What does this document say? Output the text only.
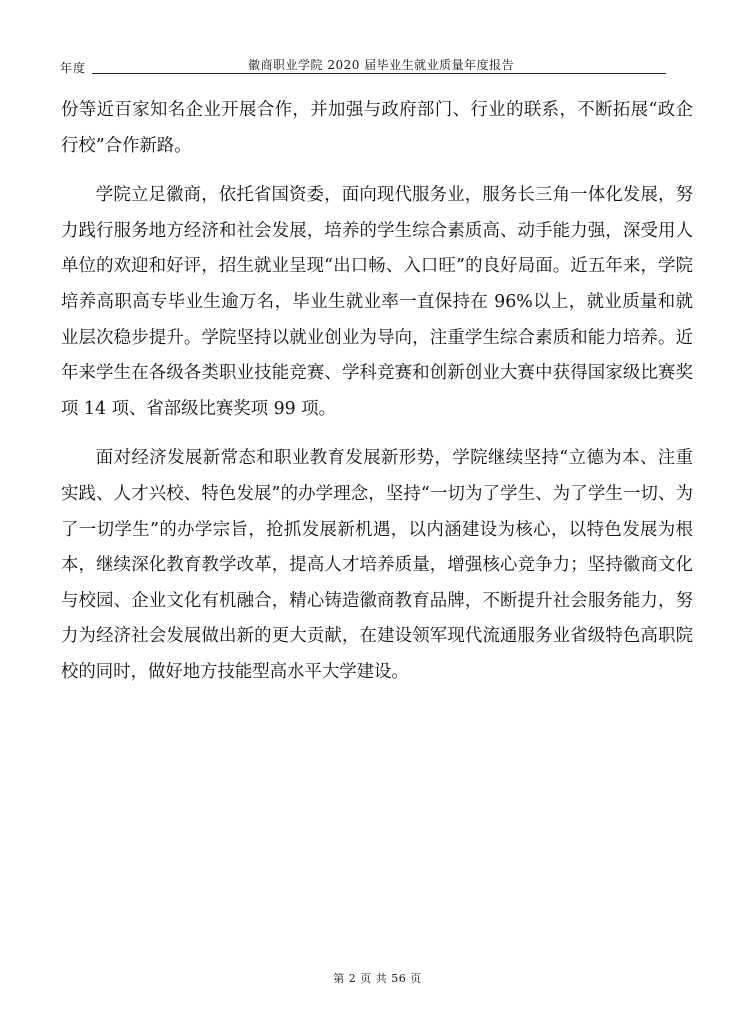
年度	徽商职业学院 2020 届毕业生就业质量年度报告

份等近百家知名企业开展合作，并加强与政府部门、行业的联系，不断拓展“政企行校”合作新路。

学院立足徽商，依托省国资委，面向现代服务业，服务长三角一体化发展，努力践行服务地方经济和社会发展，培养的学生综合素质高、动手能力强，深受用人单位的欢迎和好评，招生就业呈现“出口畅、入口旺”的良好局面。近五年来，学院培养高职高专毕业生逾万名，毕业生就业率一直保持在 96%以上，就业质量和就业层次稳步提升。学院坚持以就业创业为导向，注重学生综合素质和能力培养。近年来学生在各级各类职业技能竞赛、学科竞赛和创新创业大赛中获得国家级比赛奖项 14 项、省部级比赛奖项 99 项。

面对经济发展新常态和职业教育发展新形势，学院继续坚持“立德为本、注重实践、人才兴校、特色发展”的办学理念，坚持“一切为了学生、为了学生一切、为了一切学生”的办学宗旨，抢抓发展新机遇，以内涵建设为核心，以特色发展为根本，继续深化教育教学改革，提高人才培养质量，增强核心竞争力；坚持徽商文化与校园、企业文化有机融合，精心铸造徽商教育品牌，不断提升社会服务能力，努力为经济社会发展做出新的更大贡献，在建设领军现代流通服务业省级特色高职院校的同时，做好地方技能型高水平大学建设。

第 2 页 共 56 页
